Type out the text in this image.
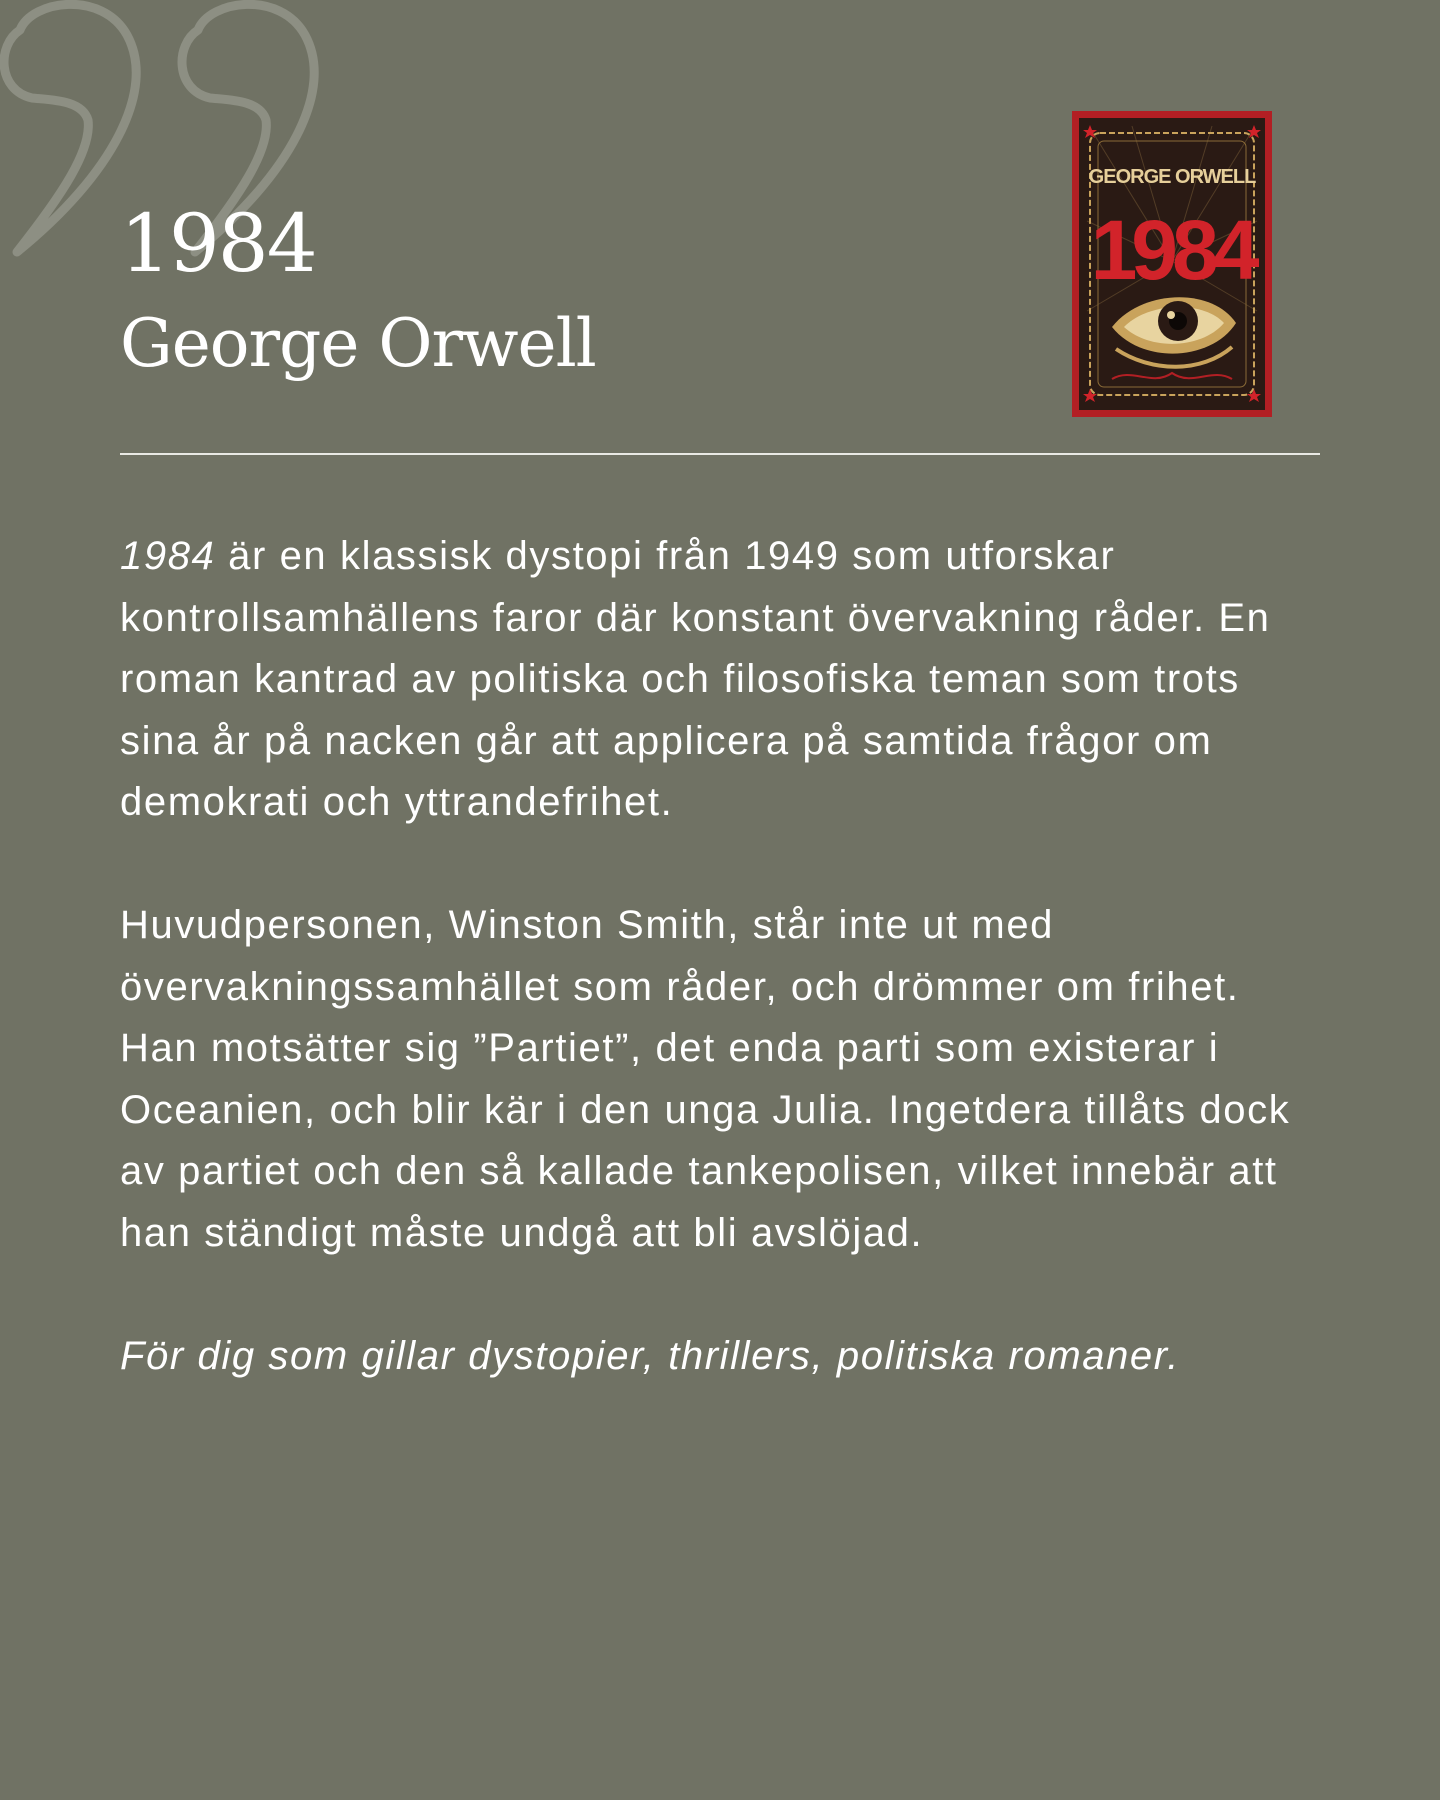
1984
George Orwell
GEORGE ORWELL
1984

1984 är en klassisk dystopi från 1949 som utforskar kontrollsamhällens faror där konstant övervakning råder. En roman kantrad av politiska och filosofiska teman som trots sina år på nacken går att applicera på samtida frågor om demokrati och yttrandefrihet.

Huvudpersonen, Winston Smith, står inte ut med övervakningssamhället som råder, och drömmer om frihet. Han motsätter sig ”Partiet”, det enda parti som existerar i Oceanien, och blir kär i den unga Julia. Ingetdera tillåts dock av partiet och den så kallade tankepolisen, vilket innebär att han ständigt måste undgå att bli avslöjad.

För dig som gillar dystopier, thrillers, politiska romaner.
